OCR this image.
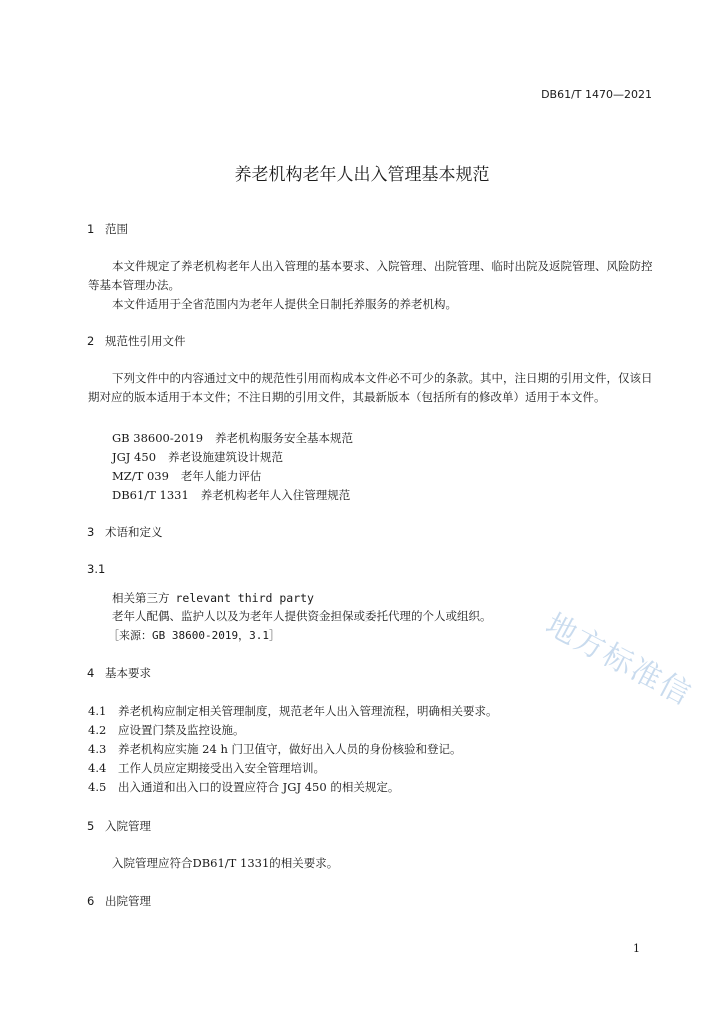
DB61/T 1470—2021
养老机构老年人出入管理基本规范
1 范围
本文件规定了养老机构老年人出入管理的基本要求、入院管理、出院管理、临时出院及返院管理、风险防控等基本管理办法。
本文件适用于全省范围内为老年人提供全日制托养服务的养老机构。
2 规范性引用文件
下列文件中的内容通过文中的规范性引用而构成本文件必不可少的条款。其中，注日期的引用文件，仅该日期对应的版本适用于本文件；不注日期的引用文件，其最新版本（包括所有的修改单）适用于本文件。
GB 38600-2019 养老机构服务安全基本规范
JGJ 450 养老设施建筑设计规范
MZ/T 039 老年人能力评估
DB61/T 1331 养老机构老年人入住管理规范
3 术语和定义
3.1
相关第三方 relevant third party
老年人配偶、监护人以及为老年人提供资金担保或委托代理的个人或组织。
［来源：GB 38600-2019，3.1］
4 基本要求
4.1 养老机构应制定相关管理制度，规范老年人出入管理流程，明确相关要求。
4.2 应设置门禁及监控设施。
4.3 养老机构应实施 24 h 门卫值守，做好出入人员的身份核验和登记。
4.4 工作人员应定期接受出入安全管理培训。
4.5 出入通道和出入口的设置应符合 JGJ 450 的相关规定。
5 入院管理
入院管理应符合DB61/T 1331的相关要求。
6 出院管理
地方标准信
1
